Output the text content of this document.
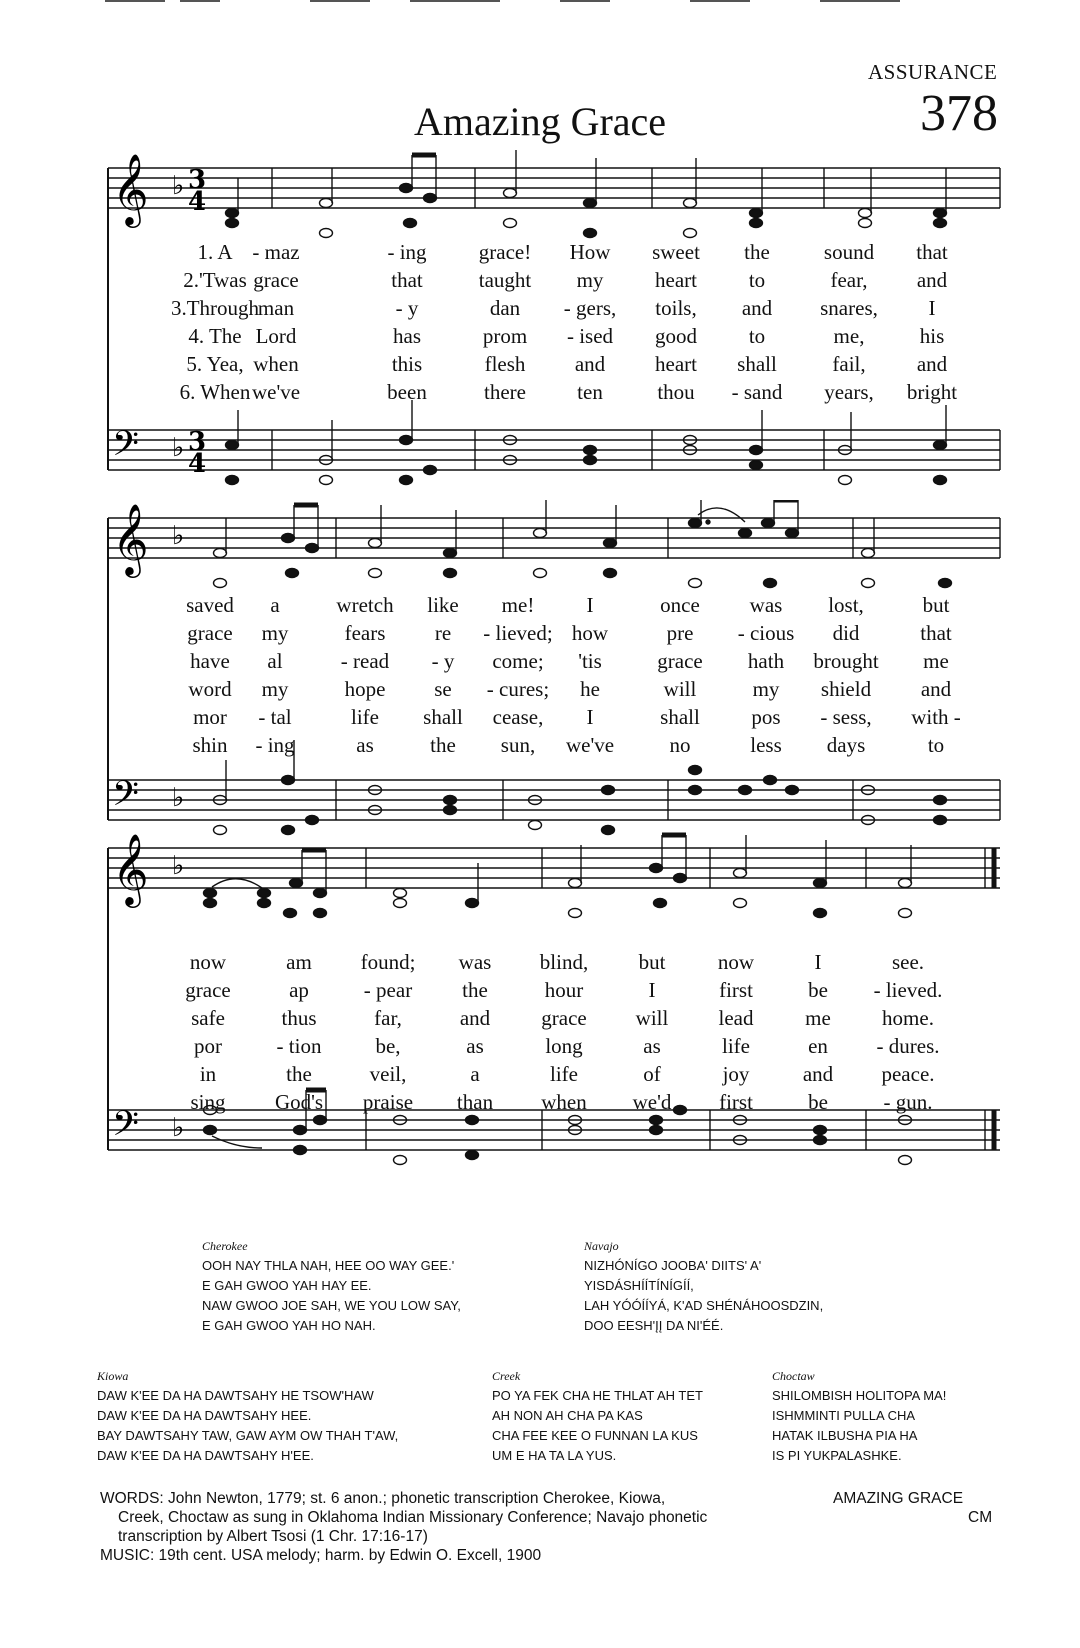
ASSURANCE
Amazing Grace	378
𝄞
𝄢
♭
♭
3
4
3
4
1. A - maz	- ing grace! How sweet the	sound that
2.'Twas grace	that	taught my heart to	fear, and
3.Through
man	- y	dan - gers, toils, and snares, I
4. The Lord	has	prom - ised good to	me,	his
5. Yea, when	this	flesh and heart shall	fail, and
6. When we've	been	there ten	thou - sand years, bright
𝄞
𝄢
♭
♭
saved a	wretch like me! I	once was lost,	but
grace my	fears re - lieved; how	pre - cious did	that
have al	- read - y come; 'tis	grace hath brought me
word my	hope se - cures; he	will	my shield and
mor - tal	life shall cease, I	shall pos - sess, with -
shin - ing	as	the sun, we've	no	less days	to
𝄞
𝄢
♭
♭
now	am found; was blind, but now	I	see.
grace	ap	- pear the	hour	I	first	be - lieved.
safe	thus	far,	and grace will lead me home.
por	- tion	be,	as	long	as	life	en - dures.
in	the	veil,	a	life	of	joy	and peace.
sing God's praise than when we'd first	be	- gun.
Cherokee
OOH NAY THLA NAH, HEE OO WAY GEE.'
E GAH GWOO YAH HAY EE.
NAW GWOO JOE SAH, WE YOU LOW SAY,
E GAH GWOO YAH HO NAH.
Navajo
NIZHÓNÍGO JOOBA' DIITS' A'
YISDÁSHÍÍTÍNÍGÍÍ,
LAH YÓÓÍÍYÁ, K'AD SHÉNÁHOOSDZIN,
DOO EESH'ĮĮ DA NI'ÉÉ.
Kiowa
DAW K'EE DA HA DAWTSAHY HE TSOW'HAW
DAW K'EE DA HA DAWTSAHY HEE.
BAY DAWTSAHY TAW, GAW AYM OW THAH T'AW,
DAW K'EE DA HA DAWTSAHY H'EE.
Creek
PO YA FEK CHA HE THLAT AH TET
AH NON AH CHA PA KAS
CHA FEE KEE O FUNNAN LA KUS
UM E HA TA LA YUS.
Choctaw
SHILOMBISH HOLITOPA MA!
ISHMMINTI PULLA CHA
HATAK ILBUSHA PIA HA
IS PI YUKPALASHKE.
WORDS: John Newton, 1779; st. 6 anon.; phonetic transcription Cherokee, Kiowa,
Creek, Choctaw as sung in Oklahoma Indian Missionary Conference; Navajo phonetic
transcription by Albert Tsosi (1 Chr. 17:16-17)
MUSIC: 19th cent. USA melody; harm. by Edwin O. Excell, 1900
AMAZING GRACE
CM
